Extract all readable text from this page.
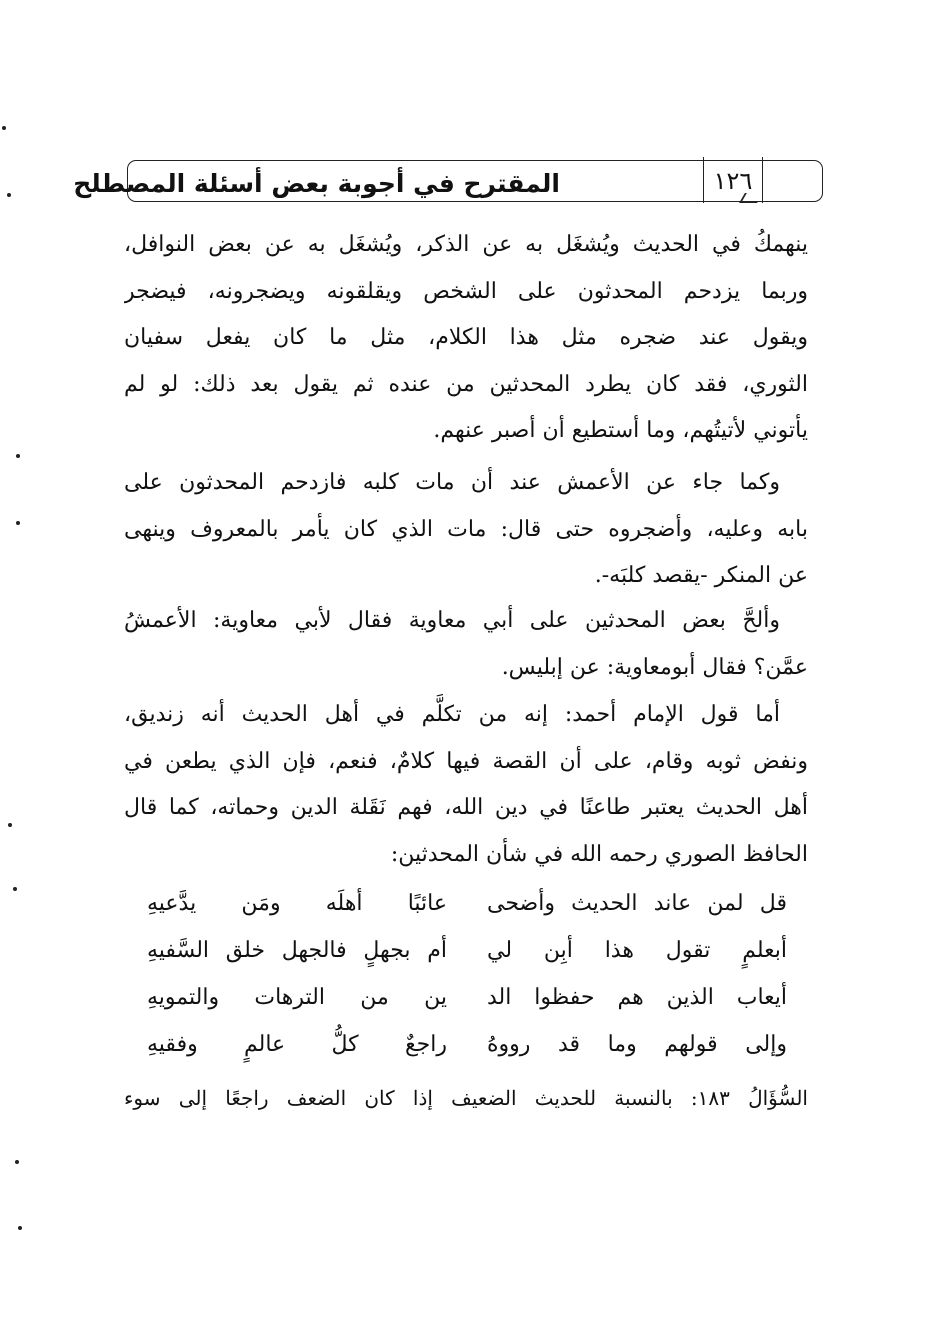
المقترح في أجوبة بعض أسئلة المصطلح	١٢٦
ينهمكُ في الحديث ويُشغَل به عن الذكر، ويُشغَل به عن بعض النوافل،
وربما يزدحم المحدثون على الشخص ويقلقونه ويضجرونه، فيضجر
ويقول عند ضجره مثل هذا الكلام، مثل ما كان يفعل سفيان
الثوري، فقد كان يطرد المحدثين من عنده ثم يقول بعد ذلك: لو لم
يأتوني لأتيتُهم، وما أستطيع أن أصبر عنهم.
وكما جاء عن الأعمش عند أن مات كلبه فازدحم المحدثون على
بابه وعليه، وأضجروه حتى قال: مات الذي كان يأمر بالمعروف وينهى
عن المنكر -يقصد كلبَه-.
وألحَّ بعض المحدثين على أبي معاوية فقال لأبي معاوية: الأعمشُ
عمَّن؟ فقال أبومعاوية: عن إبليس.
أما قول الإمام أحمد: إنه من تكلَّم في أهل الحديث أنه زنديق،
ونفض ثوبه وقام، على أن القصة فيها كلامٌ، فنعم، فإن الذي يطعن في
أهل الحديث يعتبر طاعنًا في دين الله، فهم نَقَلة الدين وحماته، كما قال
الحافظ الصوري رحمه الله في شأن المحدثين:
قل لمن عاند الحديث وأضحى
عائبًا أهلَه ومَن يدَّعيهِ
أبعلمٍ تقول هذا أبِن لي
أم بجهلٍ فالجهل خلق السَّفيهِ
أيعاب الذين هم حفظوا الد
ين من الترهات والتمويهِ
وإلى قولهم وما قد رووهُ
راجعٌ كلُّ عالمٍ وفقيهِ
السُّؤَالُ ١٨٣: بالنسبة للحديث الضعيف إذا كان الضعف راجعًا إلى سوء
